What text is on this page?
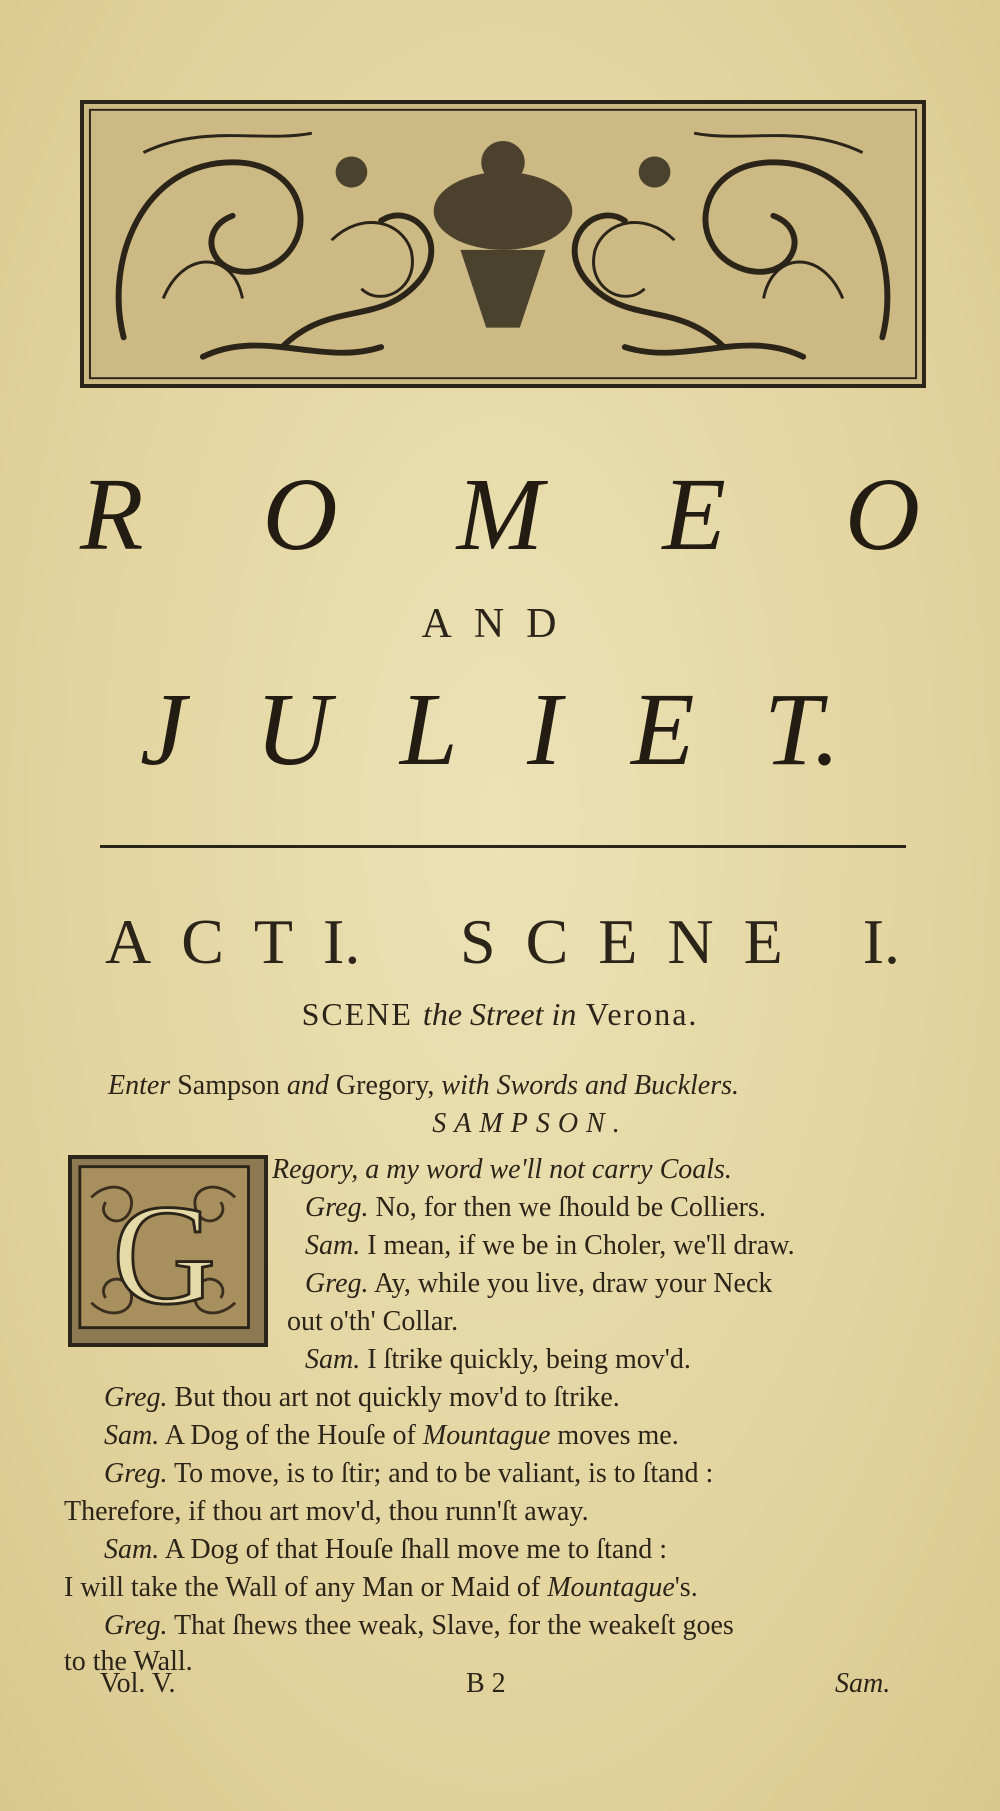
R O M E O
AND
J U L I E T.
A C T I. S C E N E I.
SCENE the Street in Verona.
Enter Sampson and Gregory, with Swords and Bucklers.
SAMPSON.
G
Regory, a my word we'll not carry Coals.
Greg. No, for then we ſhould be Colliers.
Sam. I mean, if we be in Choler, we'll draw.
Greg. Ay, while you live, draw your Neck
out o'th' Collar.
Sam. I ſtrike quickly, being mov'd.
Greg. But thou art not quickly mov'd to ſtrike.
Sam. A Dog of the Houſe of Mountague moves me.
Greg. To move, is to ſtir; and to be valiant, is to ſtand :
Therefore, if thou art mov'd, thou runn'ſt away.
Sam. A Dog of that Houſe ſhall move me to ſtand :
I will take the Wall of any Man or Maid of Mountague's.
Greg. That ſhews thee weak, Slave, for the weakeſt goes
to the Wall.
Vol. V.	B 2	Sam.
